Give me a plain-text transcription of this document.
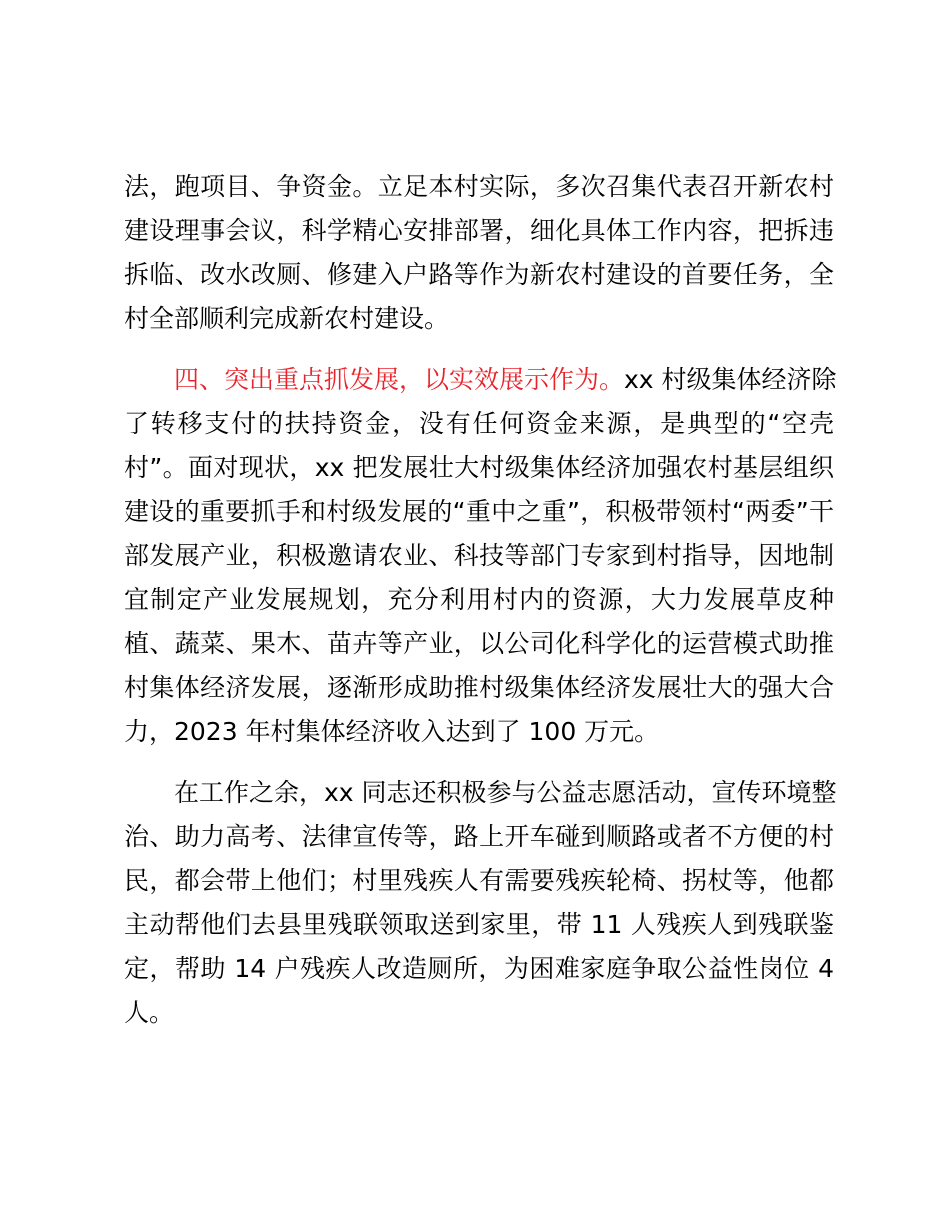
法，跑项目、争资金。立足本村实际，多次召集代表召开新农村
建设理事会议，科学精心安排部署，细化具体工作内容，把拆违
拆临、改水改厕、修建入户路等作为新农村建设的首要任务，全
村全部顺利完成新农村建设。
四、突出重点抓发展，以实效展示作为。xx 村级集体经济除
了转移支付的扶持资金，没有任何资金来源，是典型的“空壳
村”。面对现状，xx 把发展壮大村级集体经济加强农村基层组织
建设的重要抓手和村级发展的“重中之重”，积极带领村“两委”干
部发展产业，积极邀请农业、科技等部门专家到村指导，因地制
宜制定产业发展规划，充分利用村内的资源，大力发展草皮种
植、蔬菜、果木、苗卉等产业，以公司化科学化的运营模式助推
村集体经济发展，逐渐形成助推村级集体经济发展壮大的强大合
力，2023 年村集体经济收入达到了 100 万元。
在工作之余，xx 同志还积极参与公益志愿活动，宣传环境整
治、助力高考、法律宣传等，路上开车碰到顺路或者不方便的村
民，都会带上他们；村里残疾人有需要残疾轮椅、拐杖等，他都
主动帮他们去县里残联领取送到家里，带 11 人残疾人到残联鉴
定，帮助 14 户残疾人改造厕所，为困难家庭争取公益性岗位 4
人。
